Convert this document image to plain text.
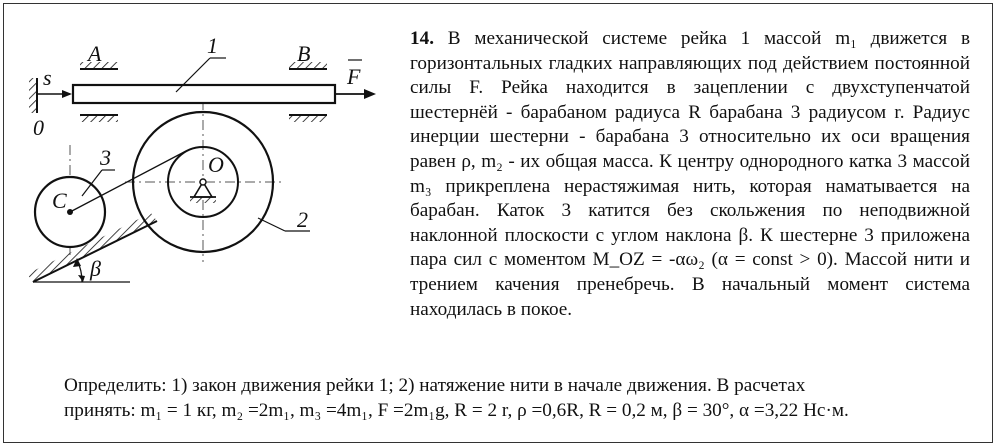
A	B
1
2
3
s
0
F
C
O
β
14. В механической системе рейка 1 массой m₁ движется в горизонтальных гладких направляющих под действием постоянной силы F. Рейка находится в зацеплении с двухступенчатой шестернёй - барабаном радиуса R барабана 3 радиусом r. Радиус инерции шестерни - барабана 3 относительно их оси вращения равен ρ, m₂ - их общая масса. К центру однородного катка 3 массой m₃ прикреплена нерастяжимая нить, которая наматывается на барабан. Каток 3 катится без скольжения по неподвижной наклонной плоскости с углом наклона β. К шестерне 3 приложена пара сил с моментом M_OZ = -αω₂ (α = const > 0). Массой нити и трением качения пренебречь. В начальный момент система находилась в покое.

Определить: 1) закон движения рейки 1; 2) натяжение нити в начале движения. В расчетах

принять: m₁ = 1 кг, m₂ =2m₁, m₃ =4m₁, F =2m₁g, R = 2 r, ρ =0,6R, R = 0,2 м, β = 30°, α =3,22 Нс·м.
